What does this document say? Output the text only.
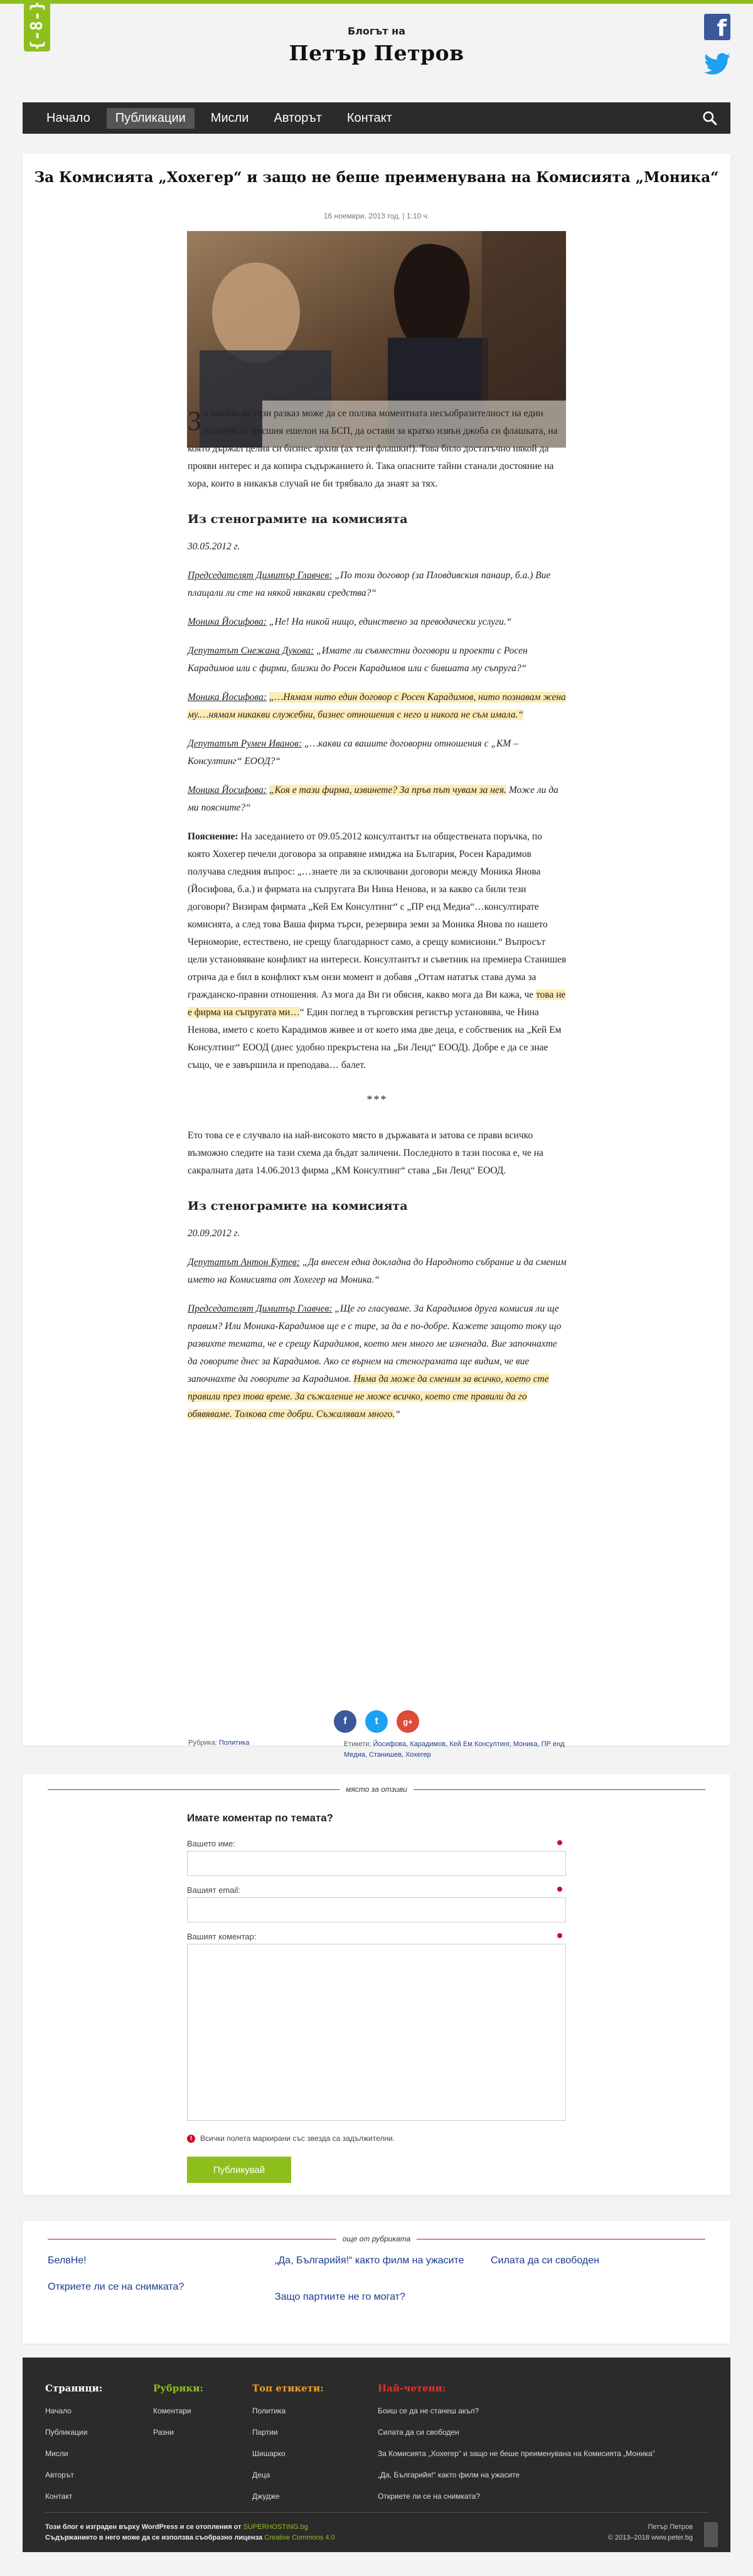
{-8-}	Блогът на
Петър Петров
f
Начало	Публикации	Мисли	Авторът	Контакт
За Комисията „Хохегер“ и защо не беше преименувана на Комисията „Моника“
16 ноември, 2013 год. | 1:10 ч.

За начало на този разказ може да се ползва моментната несъобразителност на един политик от висшия ешелон на БСП, да остави за кратко извън джоба си флашката, на която държал целия си бизнес архив (ах тези флашки!). Това било достатъчно някой да прояви интерес и да копира съдържанието ѝ. Така опасните тайни станали достояние на хора, които в никакъв случай не би трябвало да знаят за тях.

Из стенограмите на комисията

30.05.2012 г.

Председателят Димитър Главчев: „По този договор (за Пловдивския панаир, б.а.) Вие плащали ли сте на някой някакви средства?“

Моника Йосифова: „Не! На никой нищо, единствено за преводачески услуги.“

Депутатът Снежана Дукова: „Имате ли съвместни договори и проекти с Росен Карадимов или с фирми, близки до Росен Карадимов или с бившата му съпруга?“

Моника Йосифова: „…Нямам нито един договор с Росен Карадимов, нито познавам жена му.…нямам никакви служебни, бизнес отношения с него и никога не съм имала.“

Депутатът Румен Иванов: „…какви са вашите договорни отношения с „КМ – Консултинг“ ЕООД?“

Моника Йосифова: „Коя е тази фирма, извинете? За пръв път чувам за нея. Може ли да ми поясните?“

Пояснение: На заседанието от 09.05.2012 консултантът на обществената поръчка, по която Хохегер печели договора за оправяне имиджа на България, Росен Карадимов получава следния въпрос: „…знаете ли за сключвани договори между Моника Янова (Йосифова, б.а.) и фирмата на съпругата Ви Нина Ненова, и за какво са били тези договори? Визирам фирмата „Кей Ем Консултинг“ с „ПР енд Медиа“…консултирате комисията, а след това Ваша фирма търси, резервира земи за Моника Янова по нашето Черноморие, естествено, не срещу благодарност само, а срещу комисиони.“ Въпросът цели установяване конфликт на интереси. Консултантът и съветник на премиера Станишев отрича да е бил в конфликт към онзи момент и добавя „Оттам нататък става дума за гражданско-правни отношения. Аз мога да Ви ги обясня, какво мога да Ви кажа, че това не е фирма на съпругата ми…“ Един поглед в търговския регистър установява, че Нина Ненова, името с което Карадимов живее и от което има две деца, е собственик на „Кей Ем Консултинг“ ЕООД (днес удобно прекръстена на „Би Ленд“ ЕООД). Добре е да се знае също, че е завършила и преподава… балет.

***

Ето това се е случвало на най-високото място в държавата и затова се прави всичко възможно следите на тази схема да бъдат заличени. Последното в тази посока е, че на сакралната дата 14.06.2013 фирма „КМ Консултинг“ става „Би Ленд“ ЕООД.

Из стенограмите на комисията

20.09.2012 г.

Депутатът Антон Кутев: „Да внесем една докладна до Народното събрание и да сменим името на Комисията от Хохегер на Моника.“

Председателят Димитър Главчев: „Ще го гласуваме. За Карадимов друга комисия ли ще правим? Или Моника-Карадимов ще е с тире, за да е по-добре. Кажете защото току що развихте темата, че е срещу Карадимов, което мен много ме изненада. Вие започнахте да говорите днес за Карадимов. Ако се върнем на стенограмата ще видим, че вие започнахте да говорите за Карадимов. Няма да може да сменим за всичко, което сте правили през това време. За съжаление не може всичко, което сте правили да го обявяваме. Толкова сте добри. Съжалявам много.“

f	t	g+
Рубрика: Политика	Етикети: Йосифова, Карадимов, Кей Ем Консултинг, Моника, ПР енд Медиа, Станишев, Хохегер
място за отзиви
Имате коментар по темата?
Вашето име:
Вашият email:
Вашият коментар:
!	Всички полета маркирани със звезда са задължителни.
Публикувай
още от рубриката
БелвНе!	„Да, Българийя!“ както филм на ужасите	Силата да си свободен
Откриете ли се на снимката?
Защо партиите не го могат?
Страници:
Начало
Публикации
Мисли
Авторът
Контакт
Рубрики:
Коментари
Разни
Топ етикети:
Политика
Партии
Шишарко
Деца
Джудже
Най-четени:
Боиш се да не станеш акъл?
Силата да си свободен
За Комисията „Хохегер“ и защо не беше преименувана на Комисията „Моника“
„Да, Българийя!“ както филм на ужасите
Откриете ли се на снимката?
Този блог е изграден върху WordPress и се отопления от SUPERHOSTING.bg
Съдържанието в него може да се използва съобразно лиценза Creative Commons 4.0
Петър Петров
© 2013–2018 www.peter.bg
